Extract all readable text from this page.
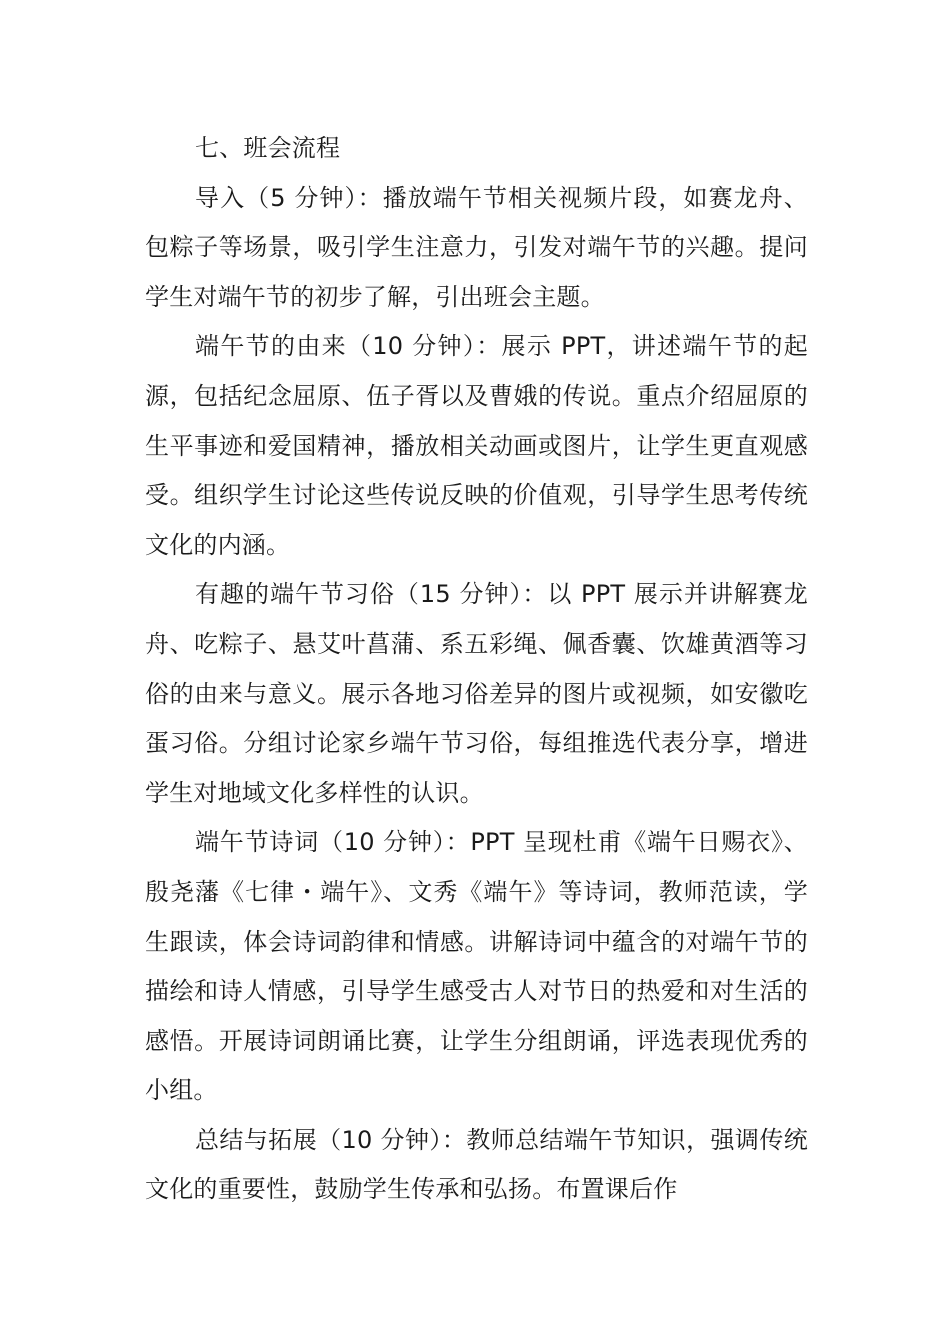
七、班会流程

导入（5 分钟）：播放端午节相关视频片段，如赛龙舟、包粽子等场景，吸引学生注意力，引发对端午节的兴趣。提问学生对端午节的初步了解，引出班会主题。

端午节的由来（10 分钟）：展示 PPT，讲述端午节的起源，包括纪念屈原、伍子胥以及曹娥的传说。重点介绍屈原的生平事迹和爱国精神，播放相关动画或图片，让学生更直观感受。组织学生讨论这些传说反映的价值观，引导学生思考传统文化的内涵。

有趣的端午节习俗（15 分钟）：以 PPT 展示并讲解赛龙舟、吃粽子、悬艾叶菖蒲、系五彩绳、佩香囊、饮雄黄酒等习俗的由来与意义。展示各地习俗差异的图片或视频，如安徽吃蛋习俗。分组讨论家乡端午节习俗，每组推选代表分享，增进学生对地域文化多样性的认识。

端午节诗词（10 分钟）：PPT 呈现杜甫《端午日赐衣》、殷尧藩《七律・端午》、文秀《端午》等诗词，教师范读，学生跟读，体会诗词韵律和情感。讲解诗词中蕴含的对端午节的描绘和诗人情感，引导学生感受古人对节日的热爱和对生活的感悟。开展诗词朗诵比赛，让学生分组朗诵，评选表现优秀的小组。

总结与拓展（10 分钟）：教师总结端午节知识，强调传统文化的重要性，鼓励学生传承和弘扬。布置课后作
